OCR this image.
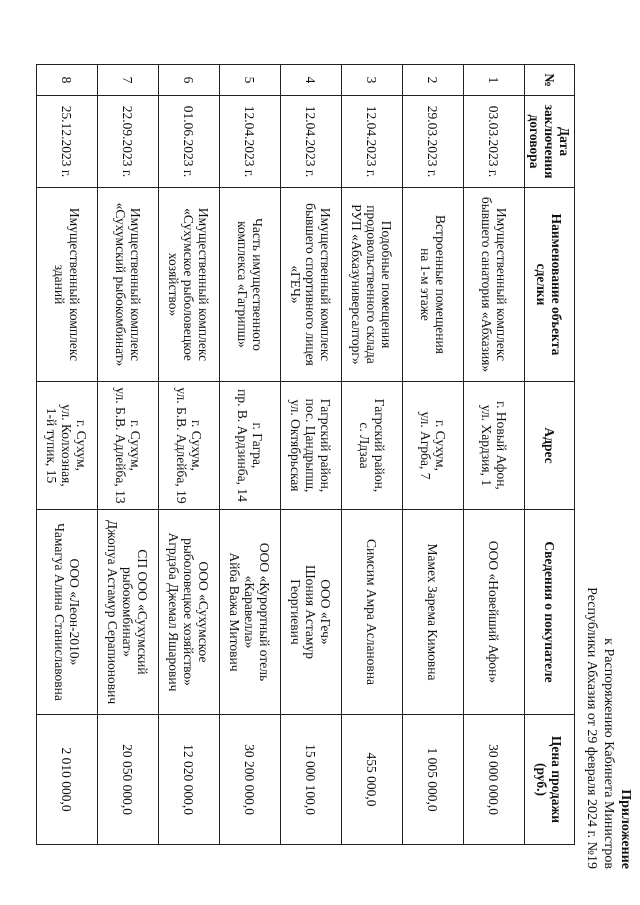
Приложение
к Распоряжению Кабинета Министров
Республики Абхазия от 29 февраля 2024 г. №19
№	Дата заключения
договора	Наименование объекта сделки	Адрес	Сведения о покупателе	Цена продажи
(руб.)
1	03.03.2023 г.	Имущественный комплекс
бывшего санатория «Абхазия»	г. Новый Афон,
ул. Хардзия, 1	ООО «Новейший Афон»	30 000 000,0
2	29.03.2023 г.	Встроенные помещения
на 1-м этаже	г. Сухум,
ул. Агрба, 7	Мамех Зарема Кимовна	1 005 000,0
3	12.04.2023 г.	Подобные помещения
продовольственного склада
РУП «Абхазуниверсалторг»	Гагрский район,
с. Лдзаа	Симсим Амра Аслановна	455 000,0
4	12.04.2023 г.	Имущественный комплекс
бывшего спортивного лицея
«ГЕЧ»	Гагрский район,
пос. Цандрыпш,
ул. Октябрьская	ООО «Геч»
Шония Астамур
Георгиевич	15 000 100,0
5	12.04.2023 г.	Часть имущественного
комплекса «Гагрипш»	г. Гагра,
пр. В. Ардзинба, 14	ООО «Курортный отель
«Каравелла»
Айба Важа Митович	30 200 000,0
6	01.06.2023 г.	Имущественный комплекс
«Сухумское рыболовецкое
хозяйство»	г. Сухум,
ул. Б.В. Адлейба, 19	ООО «Сухумское
рыболовецкое хозяйство»
Агрдзба Джемал Яшарович	12 020 000,0
7	22.09.2023 г.	Имущественный комплекс
«Сухумский рыбокомбинат»	г. Сухум,
ул. Б.В. Адлейба, 13	СП ООО «Сухумский
рыбокомбинат»
Джопуа Астамур Серапионович	20 050 000,0
8	25.12.2023 г.	Имущественный комплекс зданий	г. Сухум,
ул. Колхозная,
1-й тупик, 15	ООО «Леон-2010»
Чамагуа Алина Станиславовна	2 010 000,0
